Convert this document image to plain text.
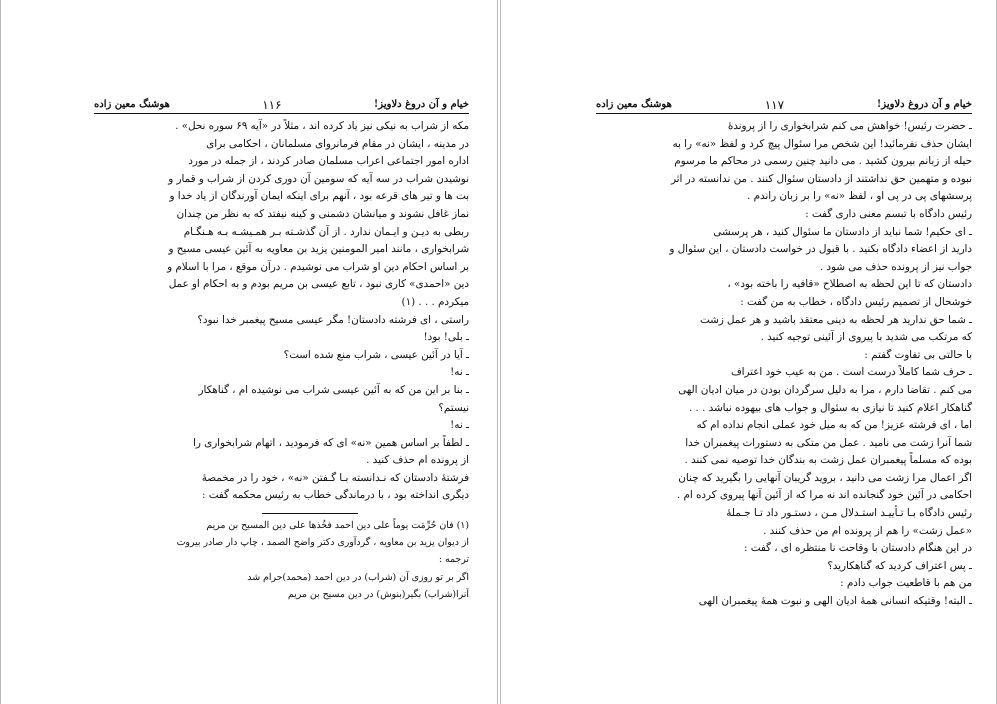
خیام و آن دروغ دلاویز!
۱۱۶
هوشنگ معین زاده
مکه از شراب به نیکی نیز یاد کرده اند ، مثلاً در «آیه ۶۹ سوره نحل» .
در مدینه ، ایشان در مقام فرمانروای مسلمانان ، احکامی برای
اداره امور اجتماعی اعراب مسلمان صادر کردند ، از جمله در مورد
نوشیدن شراب در سه آیه که سومین آن دوری کردن از شراب و قمار و
بت ها و تیر های قرعه بود ، آنهم برای اینکه ایمان آورندگان از یاد خدا و
نماز غافل نشوند و میانشان دشمنی و کینه نیفتد که به نظر من چندان
ربطی به دیـن و ایـمان ندارد . از آن گذشـته بـر همـیشـه بـه هـنگـام
شرابخواری ، مانند امیر المومنین یزید بن معاویه به آئین عیسی مسیح و
بر اساس احکام دین او شراب می نوشیدم . درآن موقع ، مرا با اسلام و
دین «احمدی» کاری نبود ، تابع عیسی بن مریم بودم و به احکام او عمل
میکردم . . . (۱)
راستی ، ای فرشته دادستان! مگر عیسی مسیح پیغمبر خدا نبود؟
ـ بلی! بود!
ـ آیا در آئین عیسی ، شراب منع شده است؟
ـ نه!
ـ بنا بر این من که به آئین عیسی شراب می نوشیده ام ، گناهکار
نیستم؟
ـ نه!
ـ لطفاً بر اساس همین «نه» ای که فرمودید ، اتهام شرابخواری را
از پرونده ام حذف کنید .
فرشتهٔ دادستان که نـدانسته بـا گـفتن «نه» ، خود را در مخمصهٔ
دیگری انداخته بود ، با درماندگی خطاب به رئیس محکمه گفت :
(۱) فان حُرِّمَت یوماً علی دین احمد فخُذها علی دین المسیح بن مریم
از دیوان یزید بن معاویه ، گردآوری دکتر واضح الصمد ، چاپ دار صادر بیروت
ترجمه :
اگر بر تو روزی آن (شراب) در دین احمد (محمد)حرام شد
آنرا(شراب) بگیر(بنوش) در دین مسیح بن مریم
خیام و آن دروغ دلاویز!
۱۱۷
هوشنگ معین زاده
ـ حضرت رئیس! خواهش می کنم شرابخواری را از پروندهٔ
ایشان حذف نفرمائید! این شخص مرا سئوال پیچ کرد و لفظ «نه» را به
حیله از زبانم بیرون کشید . می دانید چنین رسمی در محاکم ما مرسوم
نبوده و متهمین حق نداشتند از دادستان سئوال کنند . من ندانسته در اثر
پرسشهای پی در پی او ، لفظ «نه» را بر زبان راندم .
رئیس دادگاه با تبسم معنی داری گفت :
ـ ای حکیم! شما نباید از دادستان ما سئوال کنید ، هر پرسشی
دارید از اعضاء دادگاه بکنید . با قبول در خواست دادستان ، این سئوال و
جواب نیز از پرونده حذف می شود .
دادستان که تا این لحظه به اصطلاح «قافیه را باخته بود» ،
خوشحال از تصمیم رئیس دادگاه ، خطاب به من گفت :
ـ شما حق ندارید هر لحظه به دینی معتقد باشید و هر عمل زشت
که مرتکب می شدید با پیروی از آئینی توجیه کنید .
با حالتی بی تفاوت گفتم :
ـ حرف شما کاملاً درست است . من به عیب خود اعتراف
می کنم . تقاضا دارم ، مرا به دلیل سرگردان بودن در میان ادیان الهی
گناهکار اعلام کنید تا نیازی به سئوال و جواب های بیهوده نباشد . . .
اما ، ای فرشته عزیز! من که به میل خود عملی انجام نداده ام که
شما آنرا زشت می نامید . عمل من متکی به دستورات پیغمبران خدا
بوده که مسلماً پیغمبران عمل زشت به بندگان خدا توصیه نمی کنند .
اگر اعمال مرا زشت می دانید ، بروید گریبان آنهایی را بگیرید که چنان
احکامی در آئین خود گنجانده اند نه مرا که از آئین آنها پیروی کرده ام .
رئیس دادگاه بـا تـأییـد استـدلال مـن ، دستـور داد تـا جـملهٔ
«عمل زشت» را هم از پرونده ام من حذف کنند .
در این هنگام دادستان با وقاحت نا منتظره ای ، گفت :
ـ پس اعتراف کردید که گناهکارید؟
من هم با قاطعیت جواب دادم :
ـ البته! وقتیکه انسانی همهٔ ادیان الهی و نبوت همهٔ پیغمبران الهی
